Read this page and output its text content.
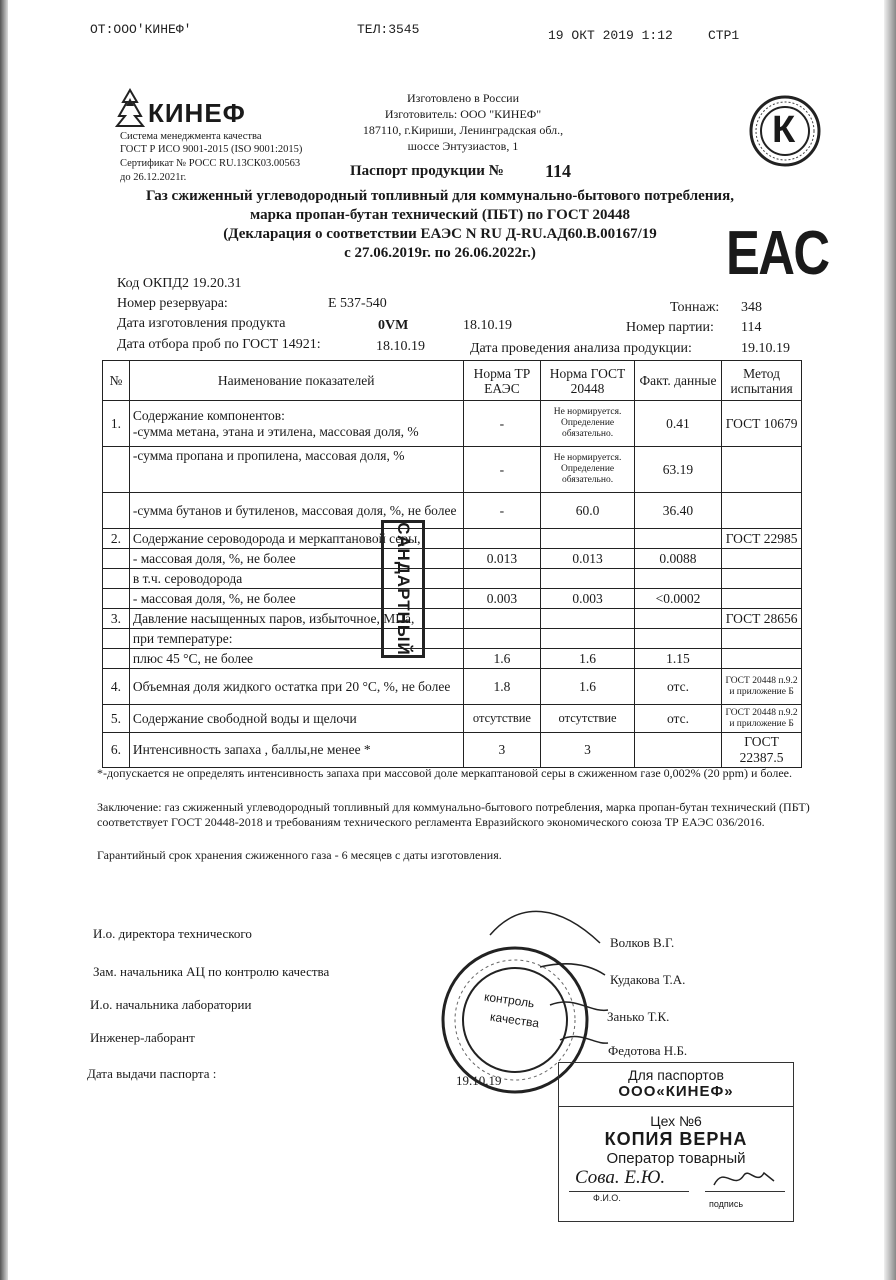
ОТ:ООО'КИНЕФ'	ТЕЛ:3545	19 ОКТ 2019 1:12	СТР1
КИНЕФ
Система менеджмента качества
ГОСТ Р ИСО 9001-2015 (ISO 9001:2015)
Сертификат № РОСС RU.13СК03.00563
до 26.12.2021г.
Изготовлено в России
Изготовитель: ООО "КИНЕФ"
187110, г.Кириши, Ленинградская обл.,
шоссе Энтузиастов, 1	К
Паспорт продукции № 114
Газ сжиженный углеводородный топливный для коммунально-бытового потребления,
марка пропан-бутан технический (ПБТ) по ГОСТ 20448
(Декларация о соответствии ЕАЭС N RU Д-RU.АД60.В.00167/19
с 27.06.2019г. по 26.06.2022г.)	EAC
Код ОКПД2 19.20.31
Номер резервуара:	Е 537-540	Тоннаж: 348
Дата изготовления продукта	0VM	18.10.19	Номер партии: 114
Дата отбора проб по ГОСТ 14921:	18.10.19	Дата проведения анализа продукции:	19.10.19
№	Наименование показателей	Норма ТР ЕАЭС	Норма ГОСТ 20448	Факт. данные	Метод испытания
1.	Содержание компонентов:
-сумма метана, этана и этилена, массовая доля, %	-	Не нормируется. Определение обязательно.	0.41	ГОСТ 10679
	-сумма пропана и пропилена, массовая доля, %	-	Не нормируется. Определение обязательно.	63.19	
	-сумма бутанов и бутиленов, массовая доля, %, не более	-	60.0	36.40	
2.	Содержание сероводорода и меркаптановой серы,				ГОСТ 22985
	- массовая доля, %, не более	0.013	0.013	0.0088	
	в т.ч. сероводорода				
	- массовая доля, %, не более	0.003	0.003	<0.0002	
3.	Давление насыщенных паров, избыточное, МПа,				ГОСТ 28656
	при температуре:				
	плюс 45 °С, не более	1.6	1.6	1.15	
4.	Объемная доля жидкого остатка при 20 °С, %, не более	1.8	1.6	отс.	ГОСТ 20448 п.9.2 и приложение Б
5.	Содержание свободной воды и щелочи	отсутствие	отсутствие	отс.	ГОСТ 20448 п.9.2 и приложение Б
6.	Интенсивность запаха , баллы,не менее *	3	3		ГОСТ 22387.5
САНДАРТНЫЙ
*-допускается не определять интенсивность запаха при массовой доле меркаптановой серы в сжиженном газе 0,002% (20 ppm) и более.
Заключение: газ сжиженный углеводородный топливный для коммунально-бытового потребления, марка пропан-бутан технический (ПБТ) соответствует ГОСТ 20448-2018 и требованиям технического регламента Евразийского экономического союза ТР ЕАЭС 036/2016.
Гарантийный срок хранения сжиженного газа - 6 месяцев с даты изготовления.
И.о. директора технического
Волков В.Г.
Зам. начальника АЦ по контролю качества
Кудакова Т.А.
И.о. начальника лаборатории
Занько Т.К.
Инженер-лаборант
Федотова Н.Б.
Дата выдачи паспорта :	19.10.19
контроль
качества
Для паспортов
ООО«КИНЕФ»
Цех №6
КОПИЯ ВЕРНА
Оператор товарный
Сова. Е.Ю.
Ф.И.О.
подпись
